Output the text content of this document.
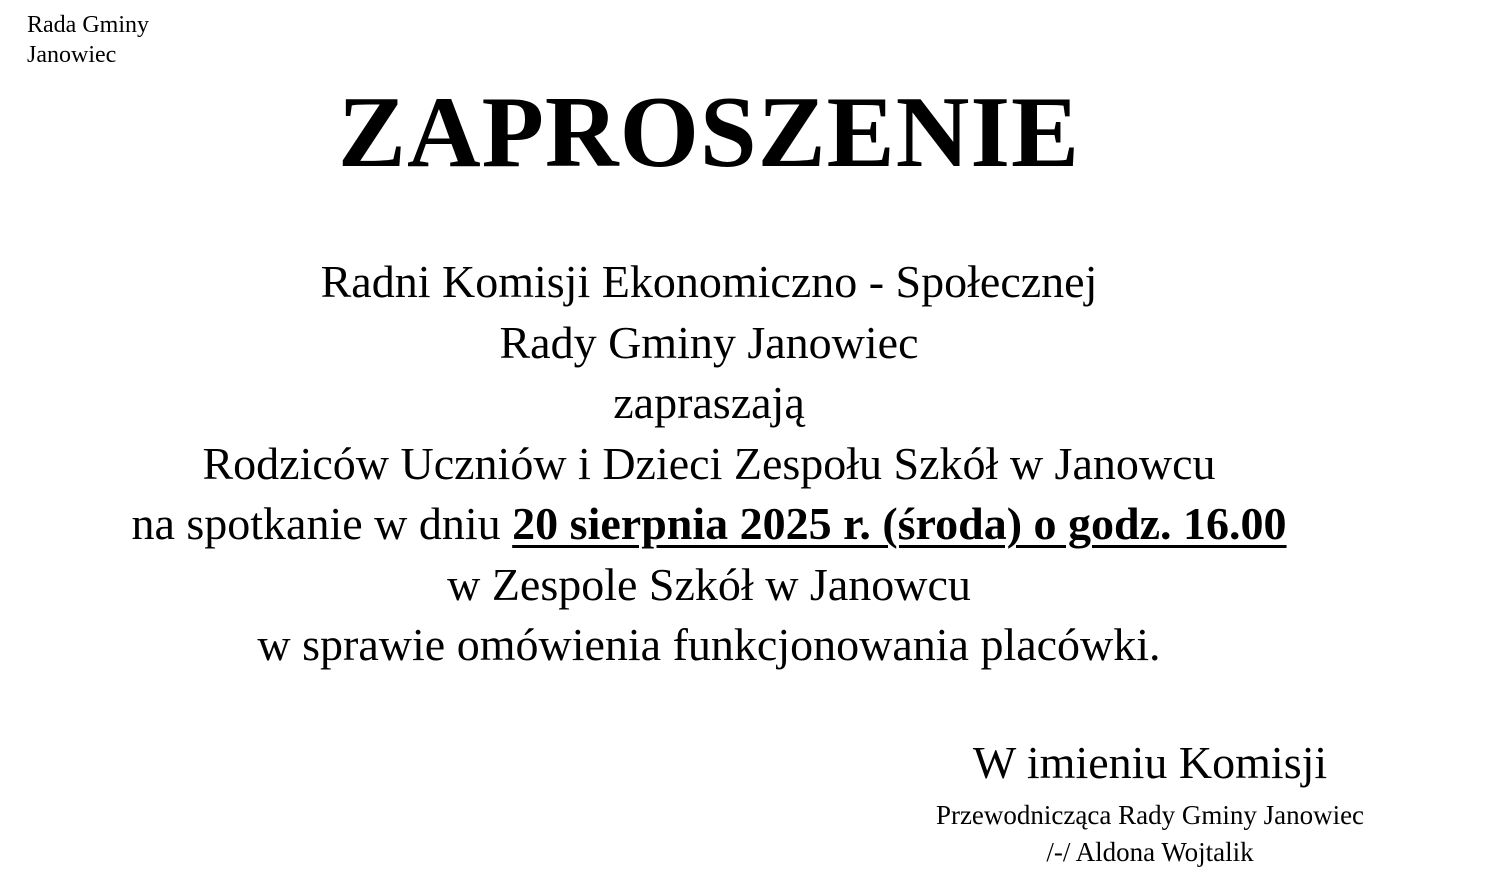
Rada Gminy
Janowiec
ZAPROSZENIE
Radni Komisji Ekonomiczno - Społecznej
Rady Gminy Janowiec
zapraszają
Rodziców Uczniów i Dzieci Zespołu Szkół w Janowcu
na spotkanie w dniu 20 sierpnia 2025 r. (środa) o godz. 16.00
w Zespole Szkół w Janowcu
w sprawie omówienia funkcjonowania placówki.
W imieniu Komisji
Przewodnicząca Rady Gminy Janowiec
/-/ Aldona Wojtalik
